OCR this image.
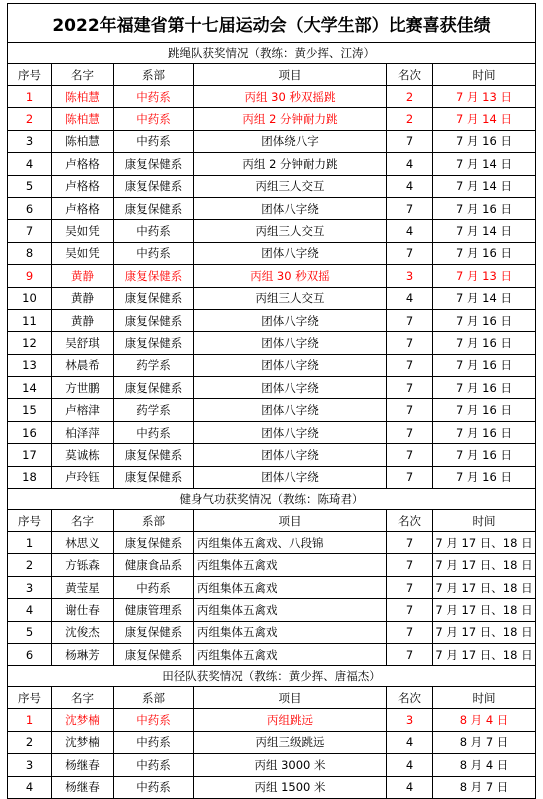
2022年福建省第十七届运动会（大学生部）比赛喜获佳绩					
跳绳队获奖情况（教练：黄少挥、江涛）					
序号	名字	系部	项目	名次	时间
1	陈柏慧	中药系	丙组 30 秒双摇跳	2	7 月 13 日
2	陈柏慧	中药系	丙组 2 分钟耐力跳	2	7 月 14 日
3	陈柏慧	中药系	团体绕八字	7	7 月 16 日
4	卢格格	康复保健系	丙组 2 分钟耐力跳	4	7 月 14 日
5	卢格格	康复保健系	丙组三人交互	4	7 月 14 日
6	卢格格	康复保健系	团体八字绕	7	7 月 16 日
7	吴如凭	中药系	丙组三人交互	4	7 月 14 日
8	吴如凭	中药系	团体八字绕	7	7 月 16 日
9	黄静	康复保健系	丙组 30 秒双摇	3	7 月 13 日
10	黄静	康复保健系	丙组三人交互	4	7 月 14 日
11	黄静	康复保健系	团体八字绕	7	7 月 16 日
12	吴舒琪	康复保健系	团体八字绕	7	7 月 16 日
13	林晨希	药学系	团体八字绕	7	7 月 16 日
14	方世鹏	康复保健系	团体八字绕	7	7 月 16 日
15	卢榕津	药学系	团体八字绕	7	7 月 16 日
16	柏泽萍	中药系	团体八字绕	7	7 月 16 日
17	莫诚栋	康复保健系	团体八字绕	7	7 月 16 日
18	卢玲钰	康复保健系	团体八字绕	7	7 月 16 日
健身气功获奖情况（教练：陈琦君）					
序号	名字	系部	项目	名次	时间
1	林思义	康复保健系	丙组集体五禽戏、八段锦	7	7 月 17 日、18 日
2	方铄森	健康食品系	丙组集体五禽戏	7	7 月 17 日、18 日
3	黄莹星	中药系	丙组集体五禽戏	7	7 月 17 日、18 日
4	谢仕春	健康管理系	丙组集体五禽戏	7	7 月 17 日、18 日
5	沈俊杰	康复保健系	丙组集体五禽戏	7	7 月 17 日、18 日
6	杨琳芳	康复保健系	丙组集体五禽戏	7	7 月 17 日、18 日
田径队获奖情况（教练：黄少挥、唐福杰）					
序号	名字	系部	项目	名次	时间
1	沈梦楠	中药系	丙组跳远	3	8 月 4 日
2	沈梦楠	中药系	丙组三级跳远	4	8 月 7 日
3	杨继春	中药系	丙组 3000 米	4	8 月 4 日
4	杨继春	中药系	丙组 1500 米	4	8 月 7 日
